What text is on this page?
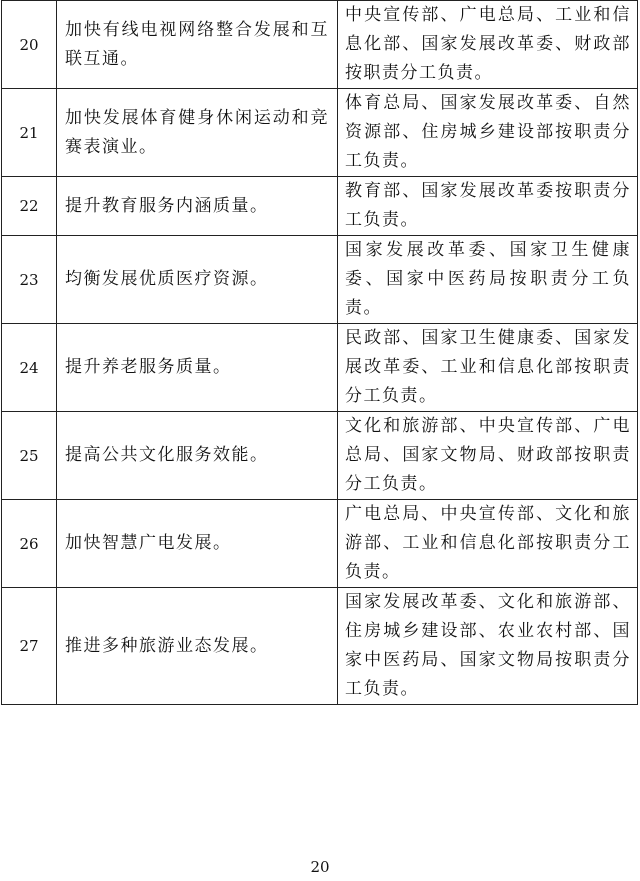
20	加快有线电视网络整合发展和互联互通。	中央宣传部、广电总局、工业和信息化部、国家发展改革委、财政部按职责分工负责。
21	加快发展体育健身休闲运动和竞赛表演业。	体育总局、国家发展改革委、自然资源部、住房城乡建设部按职责分工负责。
22	提升教育服务内涵质量。	教育部、国家发展改革委按职责分工负责。
23	均衡发展优质医疗资源。	国家发展改革委、国家卫生健康委、国家中医药局按职责分工负责。
24	提升养老服务质量。	民政部、国家卫生健康委、国家发展改革委、工业和信息化部按职责分工负责。
25	提高公共文化服务效能。	文化和旅游部、中央宣传部、广电总局、国家文物局、财政部按职责分工负责。
26	加快智慧广电发展。	广电总局、中央宣传部、文化和旅游部、工业和信息化部按职责分工负责。
27	推进多种旅游业态发展。	国家发展改革委、文化和旅游部、住房城乡建设部、农业农村部、国家中医药局、国家文物局按职责分工负责。
20
